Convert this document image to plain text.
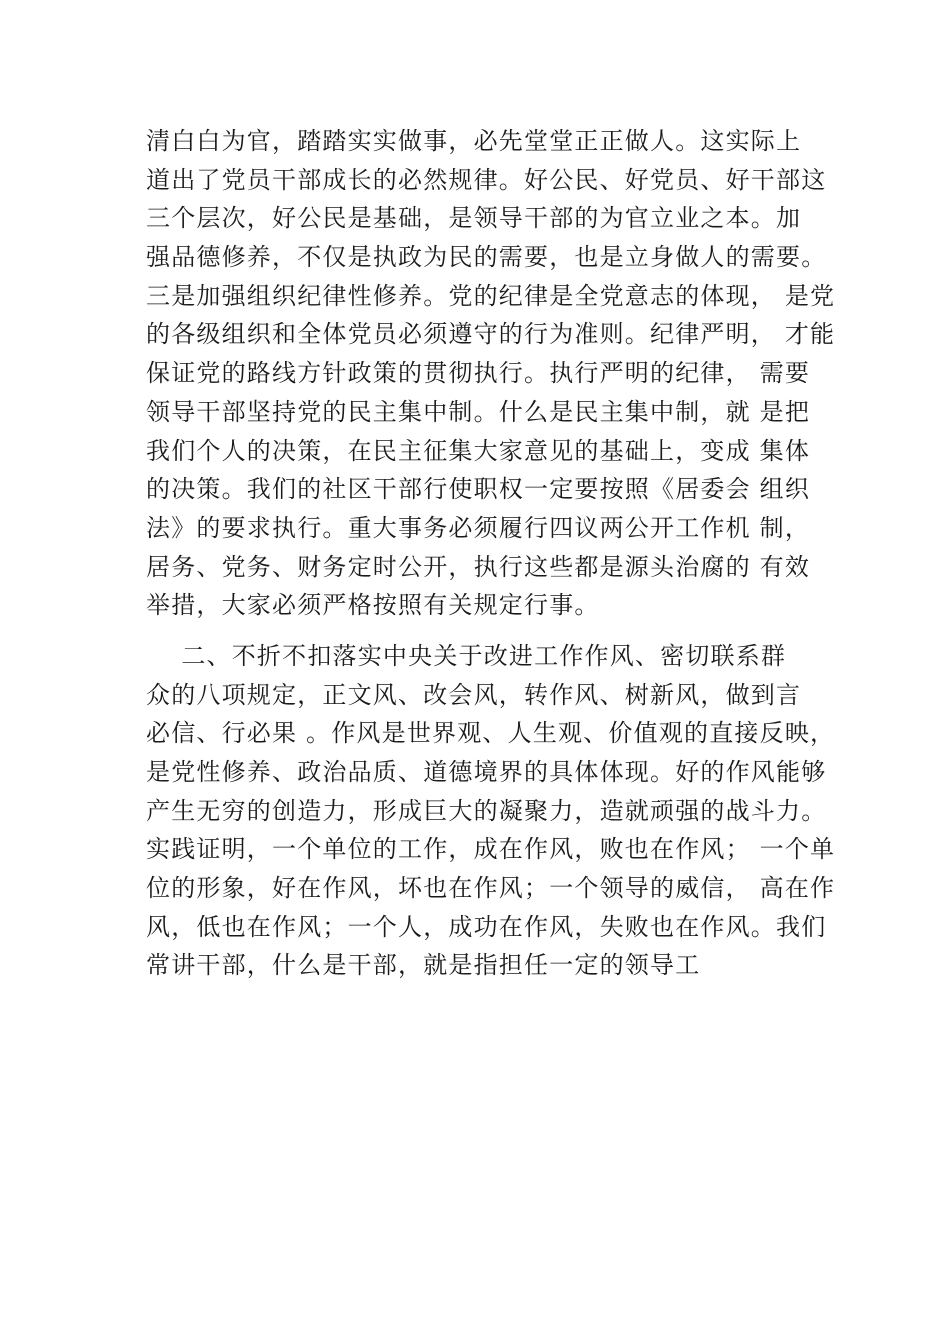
清白白为官，踏踏实实做事，必先堂堂正正做人。这实际上
道出了党员干部成长的必然规律。好公民、好党员、好干部这
三个层次，好公民是基础，是领导干部的为官立业之本。加
强品德修养，不仅是执政为民的需要，也是立身做人的需要。
三是加强组织纪律性修养。党的纪律是全党意志的体现， 是党
的各级组织和全体党员必须遵守的行为准则。纪律严明， 才能
保证党的路线方针政策的贯彻执行。执行严明的纪律， 需要
领导干部坚持党的民主集中制。什么是民主集中制，就 是把
我们个人的决策，在民主征集大家意见的基础上，变成 集体
的决策。我们的社区干部行使职权一定要按照《居委会 组织
法》的要求执行。重大事务必须履行四议两公开工作机 制，
居务、党务、财务定时公开，执行这些都是源头治腐的 有效
举措，大家必须严格按照有关规定行事。
二、不折不扣落实中央关于改进工作作风、密切联系群
众的八项规定，正文风、改会风，转作风、树新风，做到言
必信、行必果 。作风是世界观、人生观、价值观的直接反映，
是党性修养、政治品质、道德境界的具体体现。好的作风能够
产生无穷的创造力，形成巨大的凝聚力，造就顽强的战斗力。
实践证明，一个单位的工作，成在作风，败也在作风； 一个单
位的形象，好在作风，坏也在作风；一个领导的威信， 高在作
风，低也在作风；一个人，成功在作风，失败也在作风。我们
常讲干部，什么是干部，就是指担任一定的领导工
